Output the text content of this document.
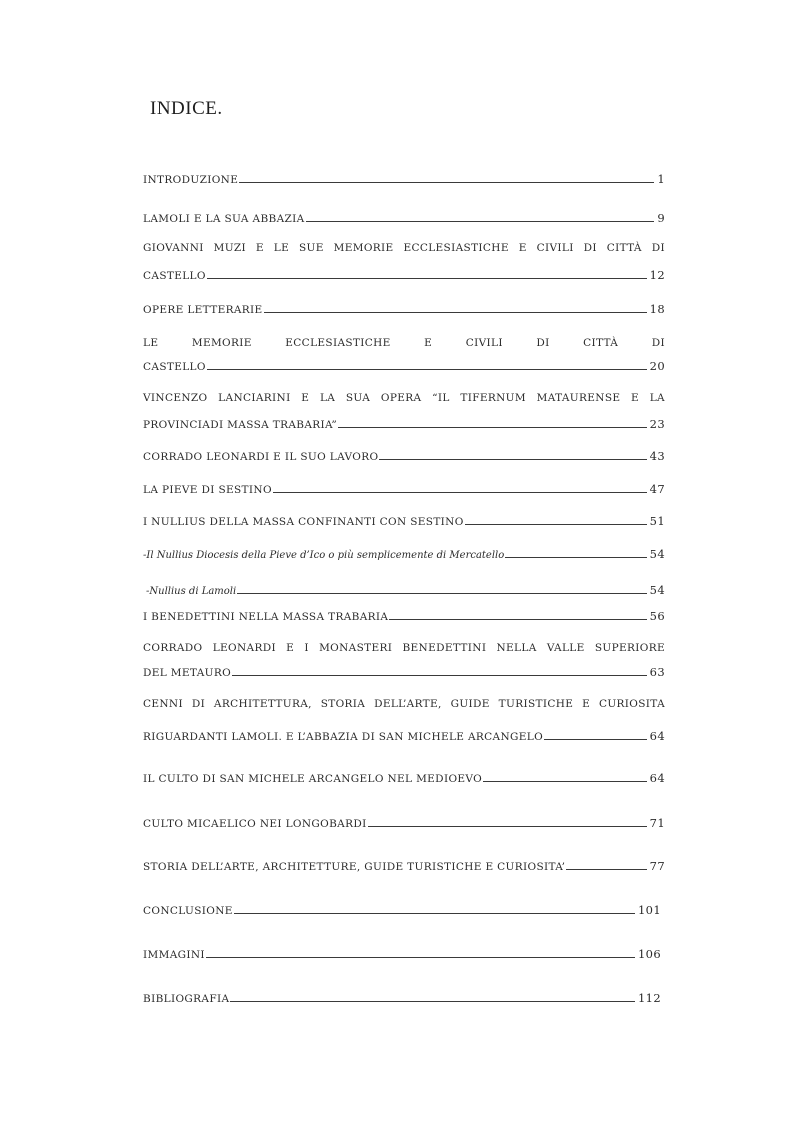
INDICE.
INTRODUZIONE	1
LAMOLI E LA SUA ABBAZIA	9
GIOVANNI MUZI E LE SUE MEMORIE ECCLESIASTICHE E CIVILI DI CITTÀ DI
CASTELLO	12
OPERE LETTERARIE	18
LE MEMORIE ECCLESIASTICHE E CIVILI DI CITTÀ DI
CASTELLO	20
VINCENZO LANCIARINI E LA SUA OPERA “IL TIFERNUM MATAURENSE E LA
PROVINCIADI MASSA TRABARIA”	23
CORRADO LEONARDI E IL SUO LAVORO	43
LA PIEVE DI SESTINO	47
I NULLIUS DELLA MASSA CONFINANTI CON SESTINO	51
-Il Nullius Diocesis della Pieve d’Ico o più semplicemente di Mercatello	54
-Nullius di Lamoli	54
I BENEDETTINI NELLA MASSA TRABARIA	56
CORRADO LEONARDI E I MONASTERI BENEDETTINI NELLA VALLE SUPERIORE
DEL METAURO	63
CENNI DI ARCHITETTURA, STORIA DELL’ARTE, GUIDE TURISTICHE E CURIOSITA
RIGUARDANTI LAMOLI. E L’ABBAZIA DI SAN MICHELE ARCANGELO	64
IL CULTO DI SAN MICHELE ARCANGELO NEL MEDIOEVO	64
CULTO MICAELICO NEI LONGOBARDI	71
STORIA DELL’ARTE, ARCHITETTURE, GUIDE TURISTICHE E CURIOSITA’	77
CONCLUSIONE	101
IMMAGINI	106
BIBLIOGRAFIA	112
